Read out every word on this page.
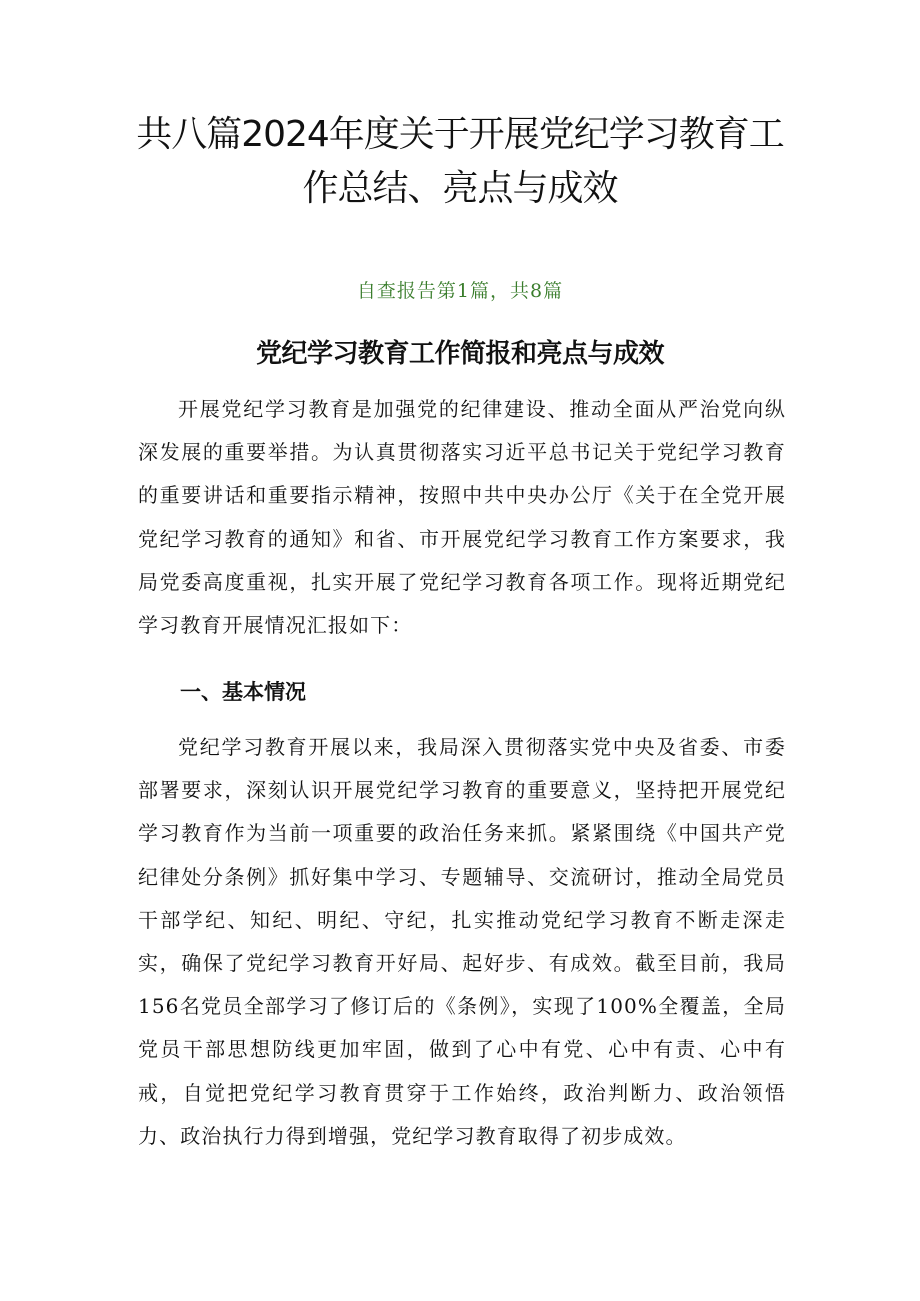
共八篇2024年度关于开展党纪学习教育工作总结、亮点与成效

自查报告第1篇，共8篇

党纪学习教育工作简报和亮点与成效

开展党纪学习教育是加强党的纪律建设、推动全面从严治党向纵深发展的重要举措。为认真贯彻落实习近平总书记关于党纪学习教育的重要讲话和重要指示精神，按照中共中央办公厅《关于在全党开展党纪学习教育的通知》和省、市开展党纪学习教育工作方案要求，我局党委高度重视，扎实开展了党纪学习教育各项工作。现将近期党纪学习教育开展情况汇报如下：

一、基本情况

党纪学习教育开展以来，我局深入贯彻落实党中央及省委、市委部署要求，深刻认识开展党纪学习教育的重要意义，坚持把开展党纪学习教育作为当前一项重要的政治任务来抓。紧紧围绕《中国共产党纪律处分条例》抓好集中学习、专题辅导、交流研讨，推动全局党员干部学纪、知纪、明纪、守纪，扎实推动党纪学习教育不断走深走实，确保了党纪学习教育开好局、起好步、有成效。截至目前，我局156名党员全部学习了修订后的《条例》，实现了100%全覆盖，全局党员干部思想防线更加牢固，做到了心中有党、心中有责、心中有戒，自觉把党纪学习教育贯穿于工作始终，政治判断力、政治领悟力、政治执行力得到增强，党纪学习教育取得了初步成效。
